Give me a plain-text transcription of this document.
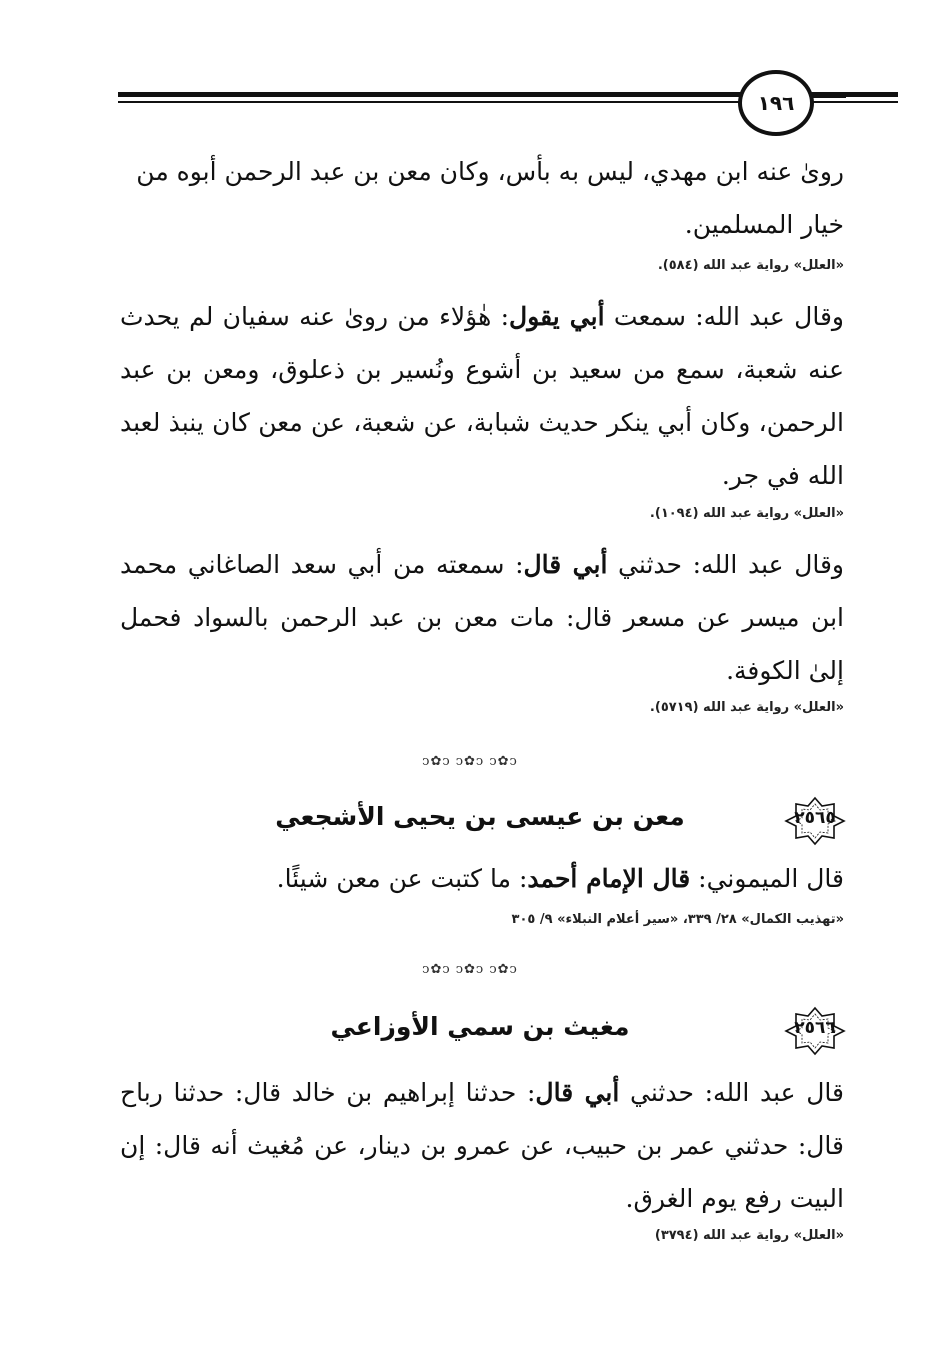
١٩٦
رویٰ عنه ابن مهدي، ليس به بأس، وكان معن بن عبد الرحمن أبوه من
خيار المسلمين.
«العلل» رواية عبد الله (٥٨٤).
وقال عبد الله: سمعت أبي يقول: هٰؤلاء من رویٰ عنه سفيان لم يحدث عنه شعبة، سمع من سعيد بن أشوع ونُسير بن ذعلوق، ومعن بن عبد الرحمن، وكان أبي ينكر حديث شبابة، عن شعبة، عن معن كان ينبذ لعبد الله في جر.
«العلل» رواية عبد الله (١٠٩٤).
وقال عبد الله: حدثني أبي قال: سمعته من أبي سعد الصاغاني محمد ابن ميسر عن مسعر قال: مات معن بن عبد الرحمن بالسواد فحمل إلىٰ الكوفة.
«العلل» رواية عبد الله (٥٧١٩).
ↄ✿ↄ ↄ✿ↄ ↄ✿ↄ
٢٥٦٥
معن بن عيسى بن يحيى الأشجعي
قال الميموني: قال الإمام أحمد: ما كتبت عن معن شيئًا.
«تهذيب الكمال» ٢٨/ ٣٣٩، «سير أعلام النبلاء» ٩/ ٣٠٥
ↄ✿ↄ ↄ✿ↄ ↄ✿ↄ
٢٥٦٦
مغيث بن سمي الأوزاعي
قال عبد الله: حدثني أبي قال: حدثنا إبراهيم بن خالد قال: حدثنا رباح قال: حدثني عمر بن حبيب، عن عمرو بن دينار، عن مُغيث أنه قال: إن البيت رفع يوم الغرق.
«العلل» رواية عبد الله (٣٧٩٤)
